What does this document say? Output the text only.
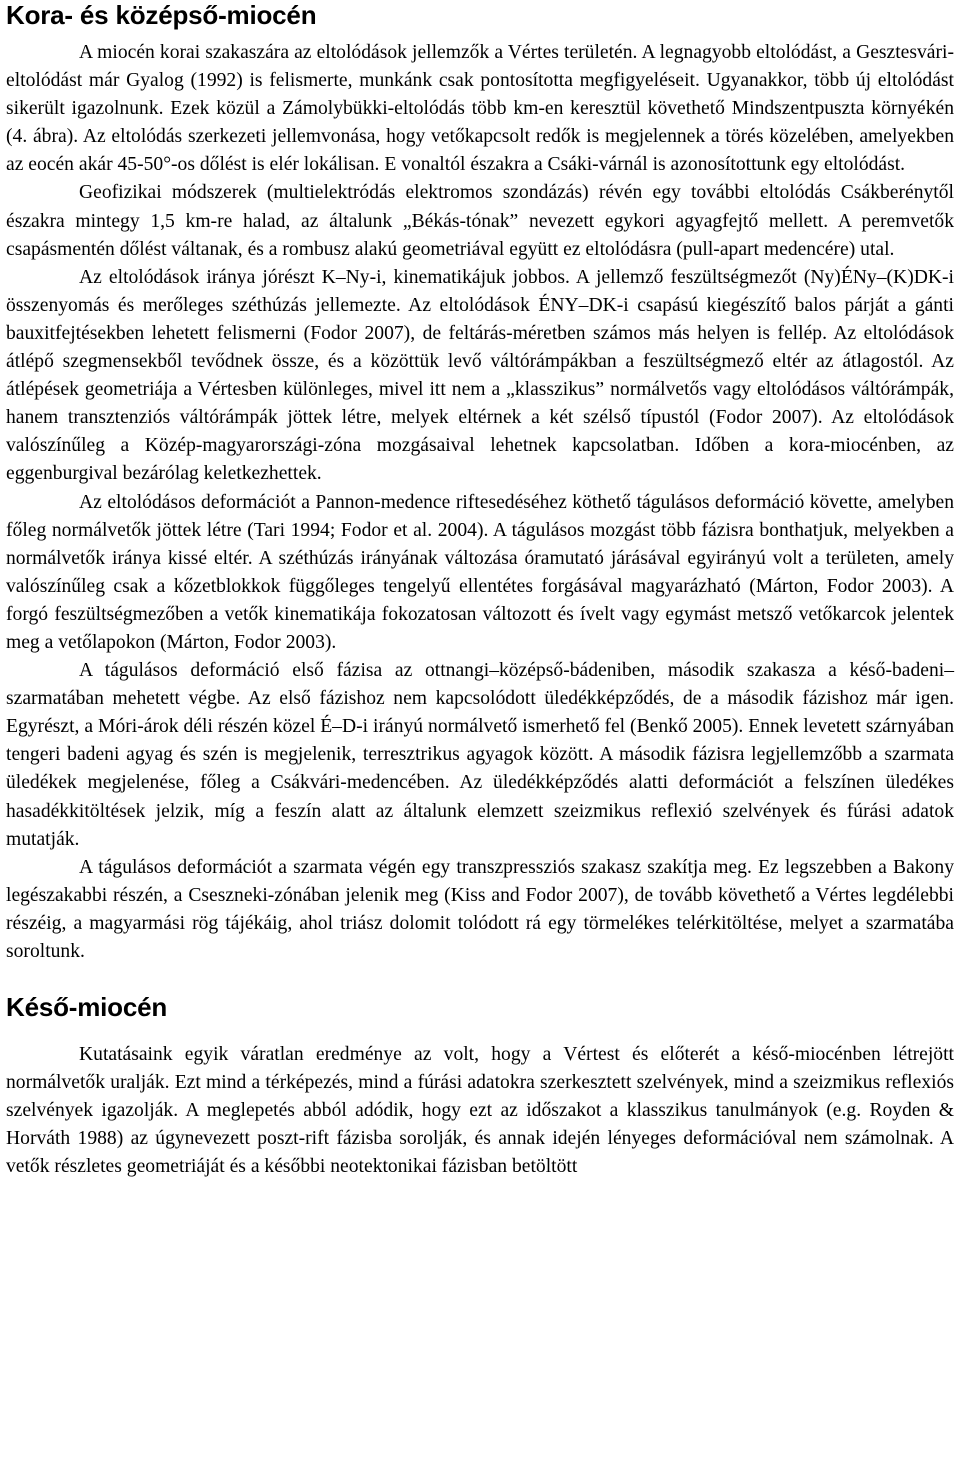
Kora- és középső-miocén

A miocén korai szakaszára az eltolódások jellemzők a Vértes területén. A legnagyobb eltolódást, a Gesztesvári-eltolódást már Gyalog (1992) is felismerte, munkánk csak pontosította megfigyeléseit. Ugyanakkor, több új eltolódást sikerült igazolnunk. Ezek közül a Zámolybükki-eltolódás több km-en keresztül követhető Mindszentpuszta környékén (4. ábra). Az eltolódás szerkezeti jellemvonása, hogy vetőkapcsolt redők is megjelennek a törés közelében, amelyekben az eocén akár 45-50°-os dőlést is elér lokálisan. E vonaltól északra a Csáki-várnál is azonosítottunk egy eltolódást.

Geofizikai módszerek (multielektródás elektromos szondázás) révén egy további eltolódás Csákberénytől északra mintegy 1,5 km-re halad, az általunk „Békás-tónak” nevezett egykori agyagfejtő mellett. A peremvetők csapásmentén dőlést váltanak, és a rombusz alakú geometriával együtt ez eltolódásra (pull-apart medencére) utal.

Az eltolódások iránya jórészt K–Ny-i, kinematikájuk jobbos. A jellemző feszültségmezőt (Ny)ÉNy–(K)DK-i összenyomás és merőleges széthúzás jellemezte. Az eltolódások ÉNY–DK-i csapású kiegészítő balos párját a gánti bauxitfejtésekben lehetett felismerni (Fodor 2007), de feltárás-méretben számos más helyen is fellép. Az eltolódások átlépő szegmensekből tevődnek össze, és a közöttük levő váltórámpákban a feszültségmező eltér az átlagostól. Az átlépések geometriája a Vértesben különleges, mivel itt nem a „klasszikus” normálvetős vagy eltolódásos váltórámpák, hanem transztenziós váltórámpák jöttek létre, melyek eltérnek a két szélső típustól (Fodor 2007). Az eltolódások valószínűleg a Közép-magyarországi-zóna mozgásaival lehetnek kapcsolatban. Időben a kora-miocénben, az eggenburgival bezárólag keletkezhettek.

Az eltolódásos deformációt a Pannon-medence riftesedéséhez köthető tágulásos deformáció követte, amelyben főleg normálvetők jöttek létre (Tari 1994; Fodor et al. 2004). A tágulásos mozgást több fázisra bonthatjuk, melyekben a normálvetők iránya kissé eltér. A széthúzás irányának változása óramutató járásával egyirányú volt a területen, amely valószínűleg csak a kőzetblokkok függőleges tengelyű ellentétes forgásával magyarázható (Márton, Fodor 2003). A forgó feszültségmezőben a vetők kinematikája fokozatosan változott és ívelt vagy egymást metsző vetőkarcok jelentek meg a vetőlapokon (Márton, Fodor 2003).

A tágulásos deformáció első fázisa az ottnangi–középső-bádeniben, második szakasza a késő-badeni–szarmatában mehetett végbe. Az első fázishoz nem kapcsolódott üledékképződés, de a második fázishoz már igen. Egyrészt, a Móri-árok déli részén közel É–D-i irányú normálvető ismerhető fel (Benkő 2005). Ennek levetett szárnyában tengeri badeni agyag és szén is megjelenik, terresztrikus agyagok között. A második fázisra legjellemzőbb a szarmata üledékek megjelenése, főleg a Csákvári-medencében. Az üledékképződés alatti deformációt a felszínen üledékes hasadékkitöltések jelzik, míg a feszín alatt az általunk elemzett szeizmikus reflexió szelvények és fúrási adatok mutatják.

A tágulásos deformációt a szarmata végén egy transzpressziós szakasz szakítja meg. Ez legszebben a Bakony legészakabbi részén, a Cseszneki-zónában jelenik meg (Kiss and Fodor 2007), de tovább követhető a Vértes legdélebbi részéig, a magyarmási rög tájékáig, ahol triász dolomit tolódott rá egy törmelékes telérkitöltése, melyet a szarmatába soroltunk.

Késő-miocén

Kutatásaink egyik váratlan eredménye az volt, hogy a Vértest és előterét a késő-miocénben létrejött normálvetők uralják. Ezt mind a térképezés, mind a fúrási adatokra szerkesztett szelvények, mind a szeizmikus reflexiós szelvények igazolják. A meglepetés abból adódik, hogy ezt az időszakot a klasszikus tanulmányok (e.g. Royden & Horváth 1988) az úgynevezett poszt-rift fázisba sorolják, és annak idején lényeges deformációval nem számolnak. A vetők részletes geometriáját és a későbbi neotektonikai fázisban betöltött
